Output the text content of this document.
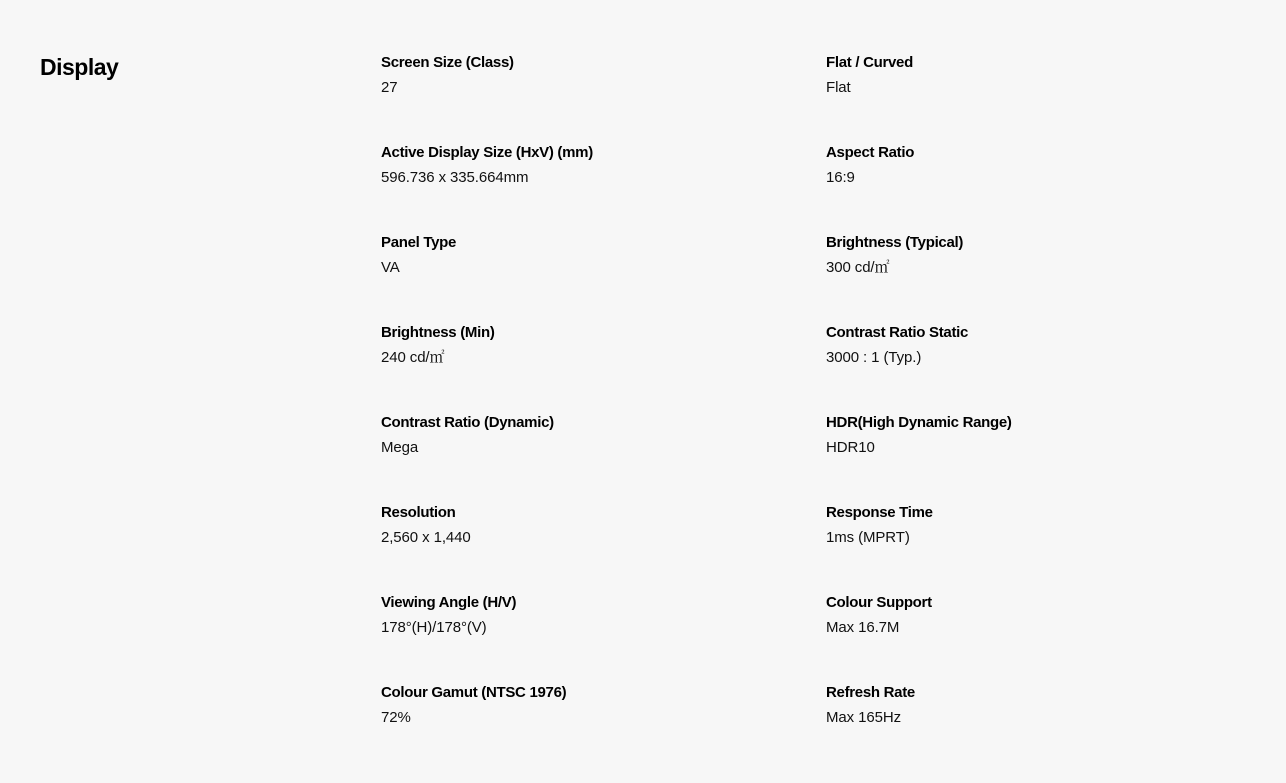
Display	Screen Size (Class)
27
Flat / Curved
Flat
Active Display Size (HxV) (mm)
596.736 x 335.664mm
Aspect Ratio
16:9
Panel Type
VA
Brightness (Typical)
300 cd/㎡
Brightness (Min)
240 cd/㎡
Contrast Ratio Static
3000 : 1 (Typ.)
Contrast Ratio (Dynamic)
Mega
HDR(High Dynamic Range)
HDR10
Resolution
2,560 x 1,440
Response Time
1ms (MPRT)
Viewing Angle (H/V)
178°(H)/178°(V)
Colour Support
Max 16.7M
Colour Gamut (NTSC 1976)
72%
Refresh Rate
Max 165Hz
